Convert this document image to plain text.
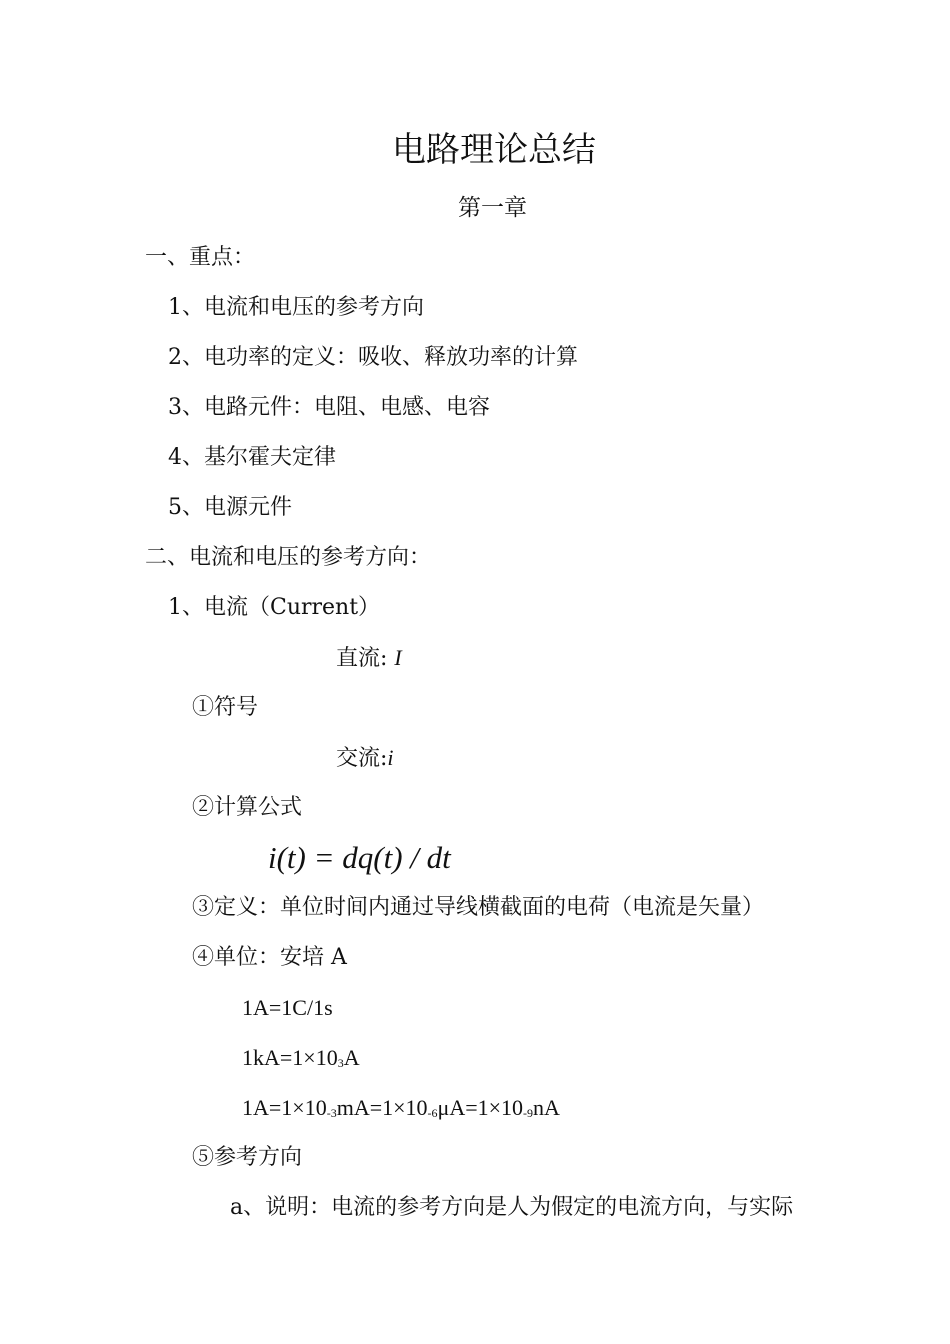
电路理论总结
第一章
一、重点：
1、电流和电压的参考方向
2、电功率的定义：吸收、释放功率的计算
3、电路元件：电阻、电感、电容
4、基尔霍夫定律
5、电源元件
二、电流和电压的参考方向：
1、电流（Current）
直流: I
①符号
交流:i
②计算公式
i(t) = dq(t) / dt
③定义：单位时间内通过导线横截面的电荷（电流是矢量）
④单位：安培 A
1A=1C/1s
$1kA=1\times 10^3A$
$1A=1\times 10^{-3}mA=1\times 10^{-6}\mu A=1\times 10^{-9}nA$
⑤参考方向
a、说明：电流的参考方向是人为假定的电流方向，与实际
